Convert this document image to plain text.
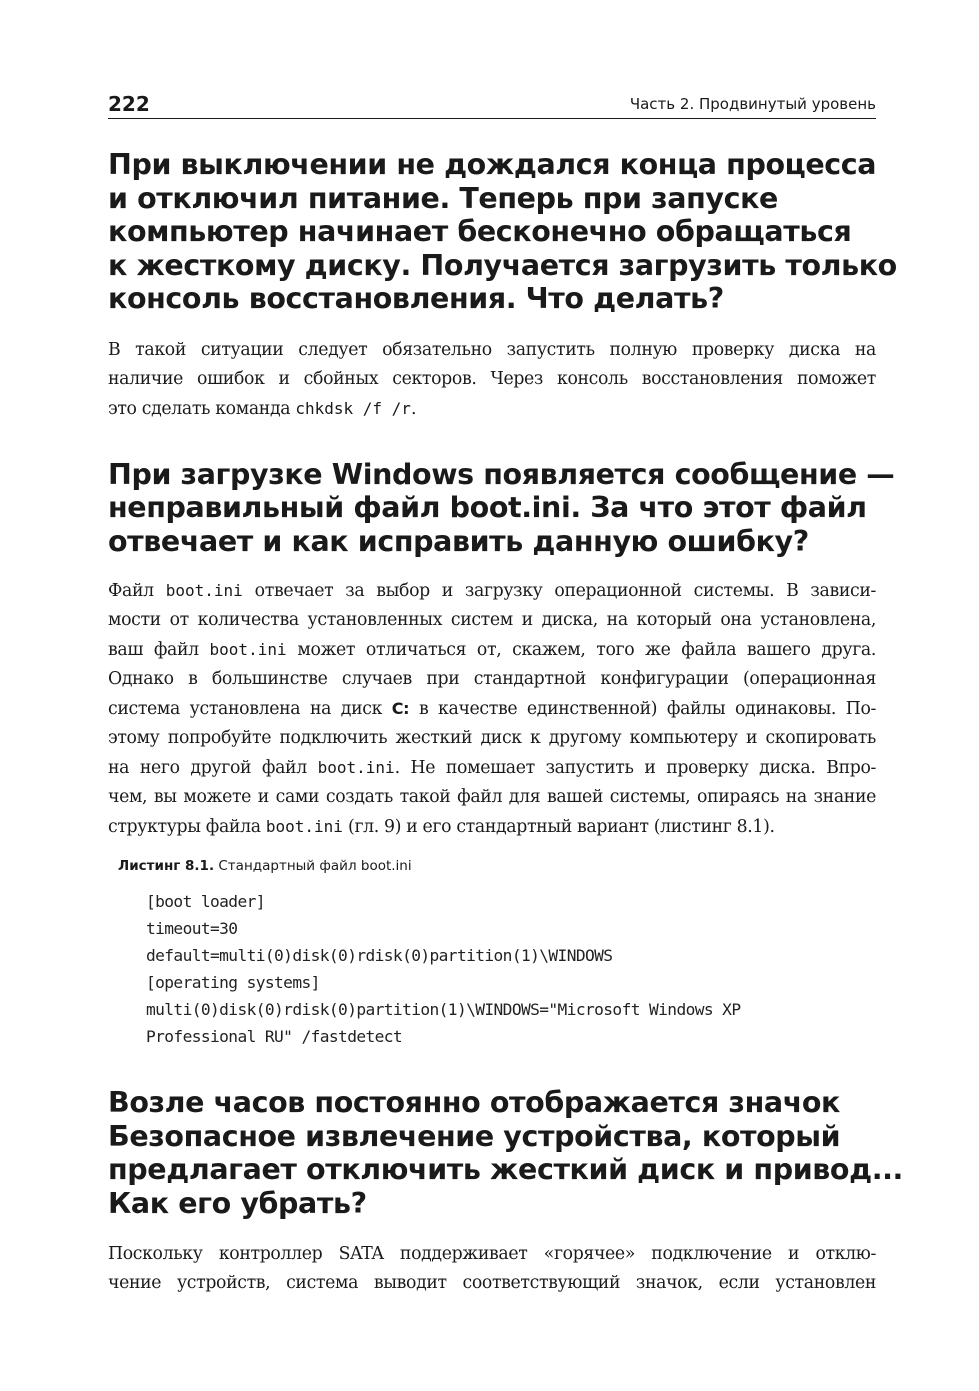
222	Часть 2. Продвинутый уровень
При выключении не дождался конца процесса
и отключил питание. Теперь при запуске
компьютер начинает бесконечно обращаться
к жесткому диску. Получается загрузить только
консоль восстановления. Что делать?

В такой ситуации следует обязательно запустить полную проверку диска на
наличие ошибок и сбойных секторов. Через консоль восстановления поможет
это сделать команда chkdsk /f /r.

При загрузке Windows появляется сообщение —
неправильный файл boot.ini. За что этот файл
отвечает и как исправить данную ошибку?

Файл boot.ini отвечает за выбор и загрузку операционной системы. В зависи-
мости от количества установленных систем и диска, на который она установлена,
ваш файл boot.ini может отличаться от, скажем, того же файла вашего друга.
Однако в большинстве случаев при стандартной конфигурации (операционная
система установлена на диск C: в качестве единственной) файлы одинаковы. По-
этому попробуйте подключить жесткий диск к другому компьютеру и скопировать
на него другой файл boot.ini. Не помешает запустить и проверку диска. Впро-
чем, вы можете и сами создать такой файл для вашей системы, опираясь на знание
структуры файла boot.ini (гл. 9) и его стандартный вариант (листинг 8.1).

Листинг 8.1. Стандартный файл boot.ini

[boot loader]
timeout=30
default=multi(0)disk(0)rdisk(0)partition(1)\WINDOWS
[operating systems]
multi(0)disk(0)rdisk(0)partition(1)\WINDOWS="Microsoft Windows XP
Professional RU" /fastdetect
Возле часов постоянно отображается значок
Безопасное извлечение устройства, который
предлагает отключить жесткий диск и привод...
Как его убрать?

Поскольку контроллер SATA поддерживает «горячее» подключение и отклю-
чение устройств, система выводит соответствующий значок, если установлен
